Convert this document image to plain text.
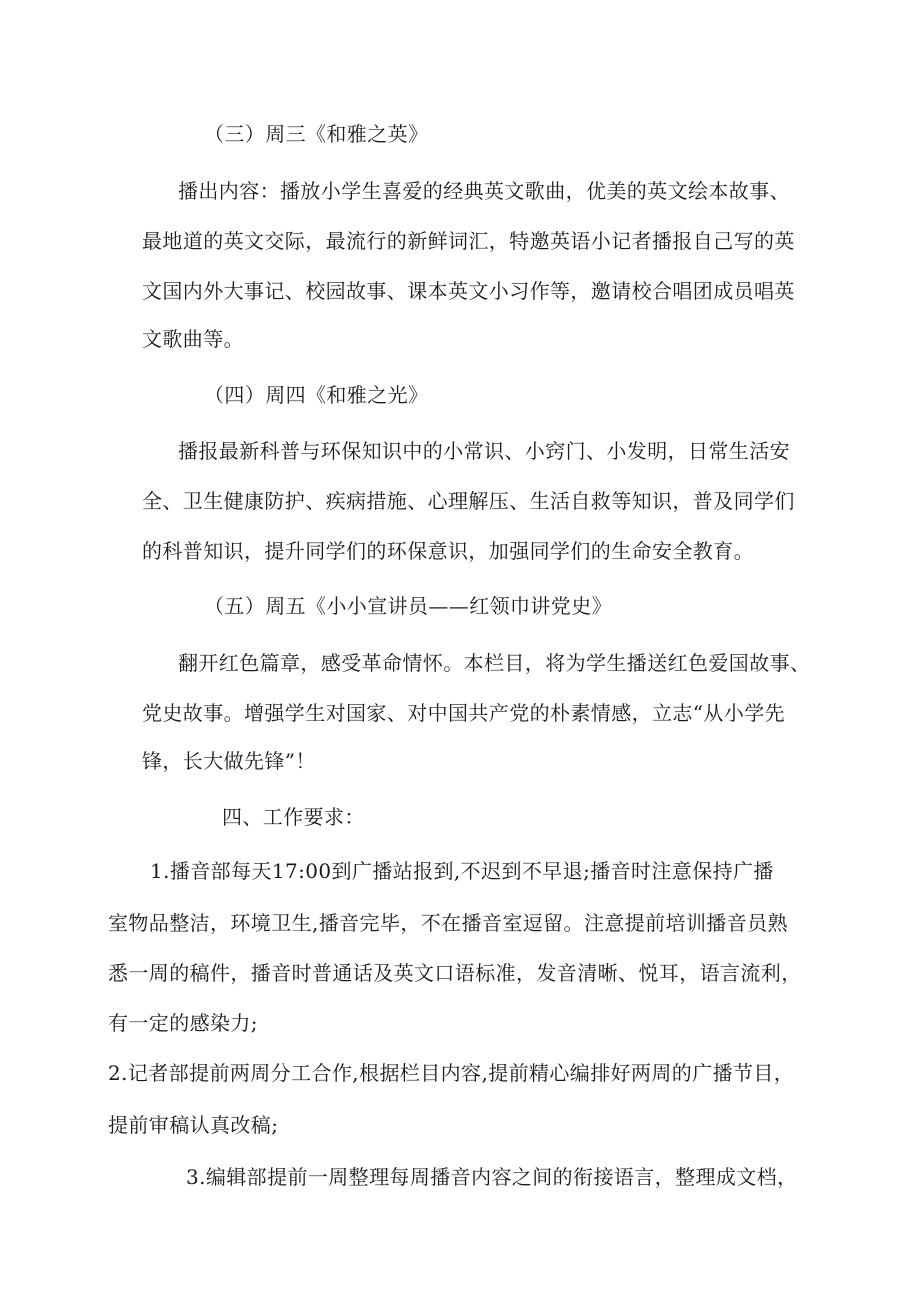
（三）周三《和雅之英》
播出内容：播放小学生喜爱的经典英文歌曲，优美的英文绘本故事、
最地道的英文交际，最流行的新鲜词汇，特邀英语小记者播报自己写的英
文国内外大事记、校园故事、课本英文小习作等，邀请校合唱团成员唱英
文歌曲等。
（四）周四《和雅之光》
播报最新科普与环保知识中的小常识、小窍门、小发明，日常生活安
全、卫生健康防护、疾病措施、心理解压、生活自救等知识，普及同学们
的科普知识，提升同学们的环保意识，加强同学们的生命安全教育。
（五）周五《小小宣讲员——红领巾讲党史》
翻开红色篇章，感受革命情怀。本栏目，将为学生播送红色爱国故事、
党史故事。增强学生对国家、对中国共产党的朴素情感，立志“从小学先
锋，长大做先锋”！
四、工作要求：
1.播音部每天17:00到广播站报到,不迟到不早退;播音时注意保持广播
室物品整洁，环境卫生,播音完毕，不在播音室逗留。注意提前培训播音员熟
悉一周的稿件，播音时普通话及英文口语标准，发音清晰、悦耳，语言流利，
有一定的感染力;
2.记者部提前两周分工合作,根据栏目内容,提前精心编排好两周的广播节目，
提前审稿认真改稿;
3.编辑部提前一周整理每周播音内容之间的衔接语言，整理成文档，
